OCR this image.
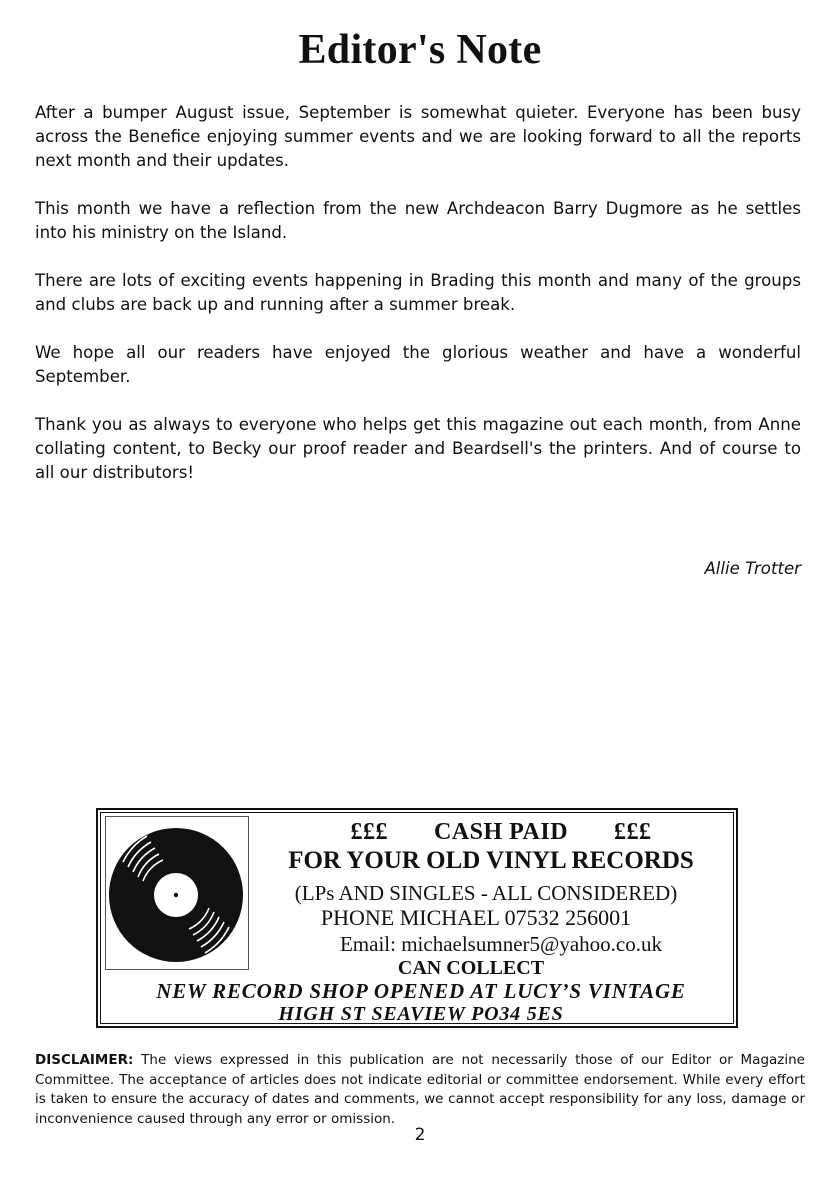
Editor's Note

After a bumper August issue, September is somewhat quieter. Everyone has been busy across the Benefice enjoying summer events and we are looking forward to all the reports next month and their updates.

This month we have a reflection from the new Archdeacon Barry Dugmore as he settles into his ministry on the Island.

There are lots of exciting events happening in Brading this month and many of the groups and clubs are back up and running after a summer break.

We hope all our readers have enjoyed the glorious weather and have a wonderful September.

Thank you as always to everyone who helps get this magazine out each month, from Anne collating content, to Becky our proof reader and Beardsell's the printers. And of course to all our distributors!

Allie Trotter
£££ CASH PAID £££
FOR YOUR OLD VINYL RECORDS
(LPs AND SINGLES - ALL CONSIDERED)
PHONE MICHAEL 07532 256001
Email: michaelsumner5@yahoo.co.uk
CAN COLLECT
NEW RECORD SHOP OPENED AT LUCY’S VINTAGE
HIGH ST SEAVIEW PO34 5ES

DISCLAIMER: The views expressed in this publication are not necessarily those of our Editor or Magazine Committee. The acceptance of articles does not indicate editorial or committee endorsement. While every effort is taken to ensure the accuracy of dates and comments, we cannot accept responsibility for any loss, damage or inconvenience caused through any error or omission.

2
